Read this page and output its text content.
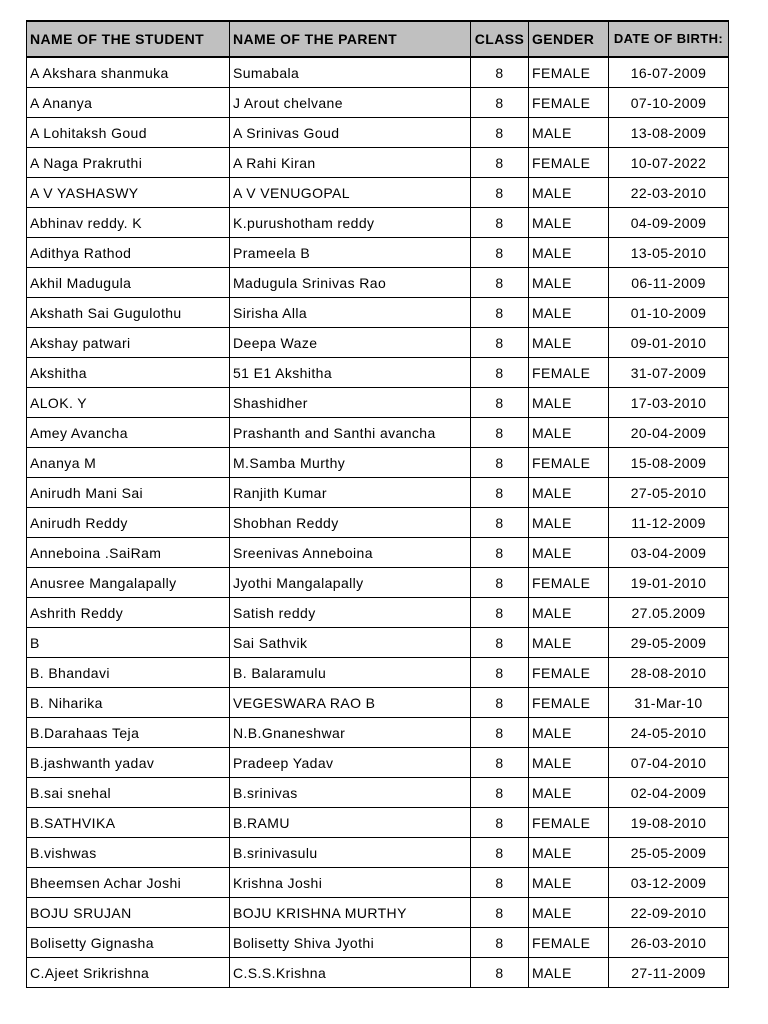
NAME OF THE STUDENT	NAME OF THE PARENT	CLASS	GENDER	DATE OF BIRTH:
A Akshara shanmuka	Sumabala	8	FEMALE	16-07-2009
A Ananya	J Arout chelvane	8	FEMALE	07-10-2009
A Lohitaksh Goud	A Srinivas Goud	8	MALE	13-08-2009
A Naga Prakruthi	A Rahi Kiran	8	FEMALE	10-07-2022
A V YASHASWY	A V VENUGOPAL	8	MALE	22-03-2010
Abhinav reddy. K	K.purushotham reddy	8	MALE	04-09-2009
Adithya Rathod	Prameela B	8	MALE	13-05-2010
Akhil Madugula	Madugula Srinivas Rao	8	MALE	06-11-2009
Akshath Sai Gugulothu	Sirisha Alla	8	MALE	01-10-2009
Akshay patwari	Deepa Waze	8	MALE	09-01-2010
Akshitha	51 E1 Akshitha	8	FEMALE	31-07-2009
ALOK. Y	Shashidher	8	MALE	17-03-2010
Amey Avancha	Prashanth and Santhi avancha	8	MALE	20-04-2009
Ananya M	M.Samba Murthy	8	FEMALE	15-08-2009
Anirudh Mani Sai	Ranjith Kumar	8	MALE	27-05-2010
Anirudh Reddy	Shobhan Reddy	8	MALE	11-12-2009
Anneboina .SaiRam	Sreenivas Anneboina	8	MALE	03-04-2009
Anusree Mangalapally	Jyothi Mangalapally	8	FEMALE	19-01-2010
Ashrith Reddy	Satish reddy	8	MALE	27.05.2009
B	Sai Sathvik	8	MALE	29-05-2009
B. Bhandavi	B. Balaramulu	8	FEMALE	28-08-2010
B. Niharika	VEGESWARA RAO B	8	FEMALE	31-Mar-10
B.Darahaas Teja	N.B.Gnaneshwar	8	MALE	24-05-2010
B.jashwanth yadav	Pradeep Yadav	8	MALE	07-04-2010
B.sai snehal	B.srinivas	8	MALE	02-04-2009
B.SATHVIKA	B.RAMU	8	FEMALE	19-08-2010
B.vishwas	B.srinivasulu	8	MALE	25-05-2009
Bheemsen Achar Joshi	Krishna Joshi	8	MALE	03-12-2009
BOJU SRUJAN	BOJU KRISHNA MURTHY	8	MALE	22-09-2010
Bolisetty Gignasha	Bolisetty Shiva Jyothi	8	FEMALE	26-03-2010
C.Ajeet Srikrishna	C.S.S.Krishna	8	MALE	27-11-2009
